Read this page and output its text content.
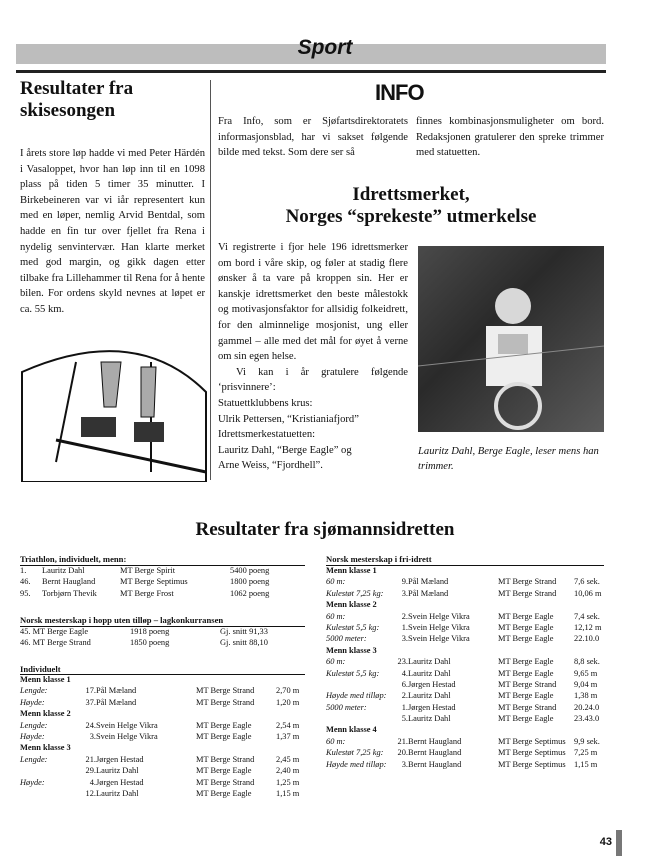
Sport
Resultater fra
skisesongen
I årets store løp hadde vi med Peter Härdén i Vasaloppet, hvor han løp inn til en 1098 plass på tiden 5 timer 35 minutter. I Birkebeineren var vi iår representert kun med en løper, nemlig Arvid Bentdal, som hadde en fin tur over fjellet fra Rena i nydelig senvintervær. Han klarte merket med god margin, og gikk dagen etter tilbake fra Lillehammer til Rena for å hente bilen. For ordens skyld nevnes at løpet er ca. 55 km.
INFO
Fra Info, som er Sjøfartsdirektoratets informasjonsblad, har vi sakset følgende bilde med tekst. Som dere ser så
finnes kombinasjonsmuligheter om bord. Redaksjonen gratulerer den spreke trimmer med statuetten.
Idrettsmerket,
Norges “sprekeste” utmerkelse
Vi registrerte i fjor hele 196 idrettsmerker om bord i våre skip, og føler at stadig flere ønsker å ta vare på kroppen sin. Her er kanskje idrettsmerket den beste målestokk og motivasjonsfaktor for allsidig folkeidrett, for den alminnelige mosjonist, ung eller gammel – alle med det mål for øyet å verne om sin egen helse.
Vi kan i år gratulere følgende ‘prisvinnere’:
Statuettklubbens krus:
Ulrik Pettersen, “Kristianiafjord”
Idrettsmerkestatuetten:
Lauritz Dahl, “Berge Eagle” og
Arne Weiss, “Fjordhell”.
Lauritz Dahl, Berge Eagle, leser mens han trimmer.
Resultater fra sjømannsidretten
Triathlon, individuelt, menn:
1.	Lauritz Dahl	MT Berge Spirit	5400 poeng
46.	Bernt Haugland	MT Berge Septimus	1800 poeng
95.	Torbjørn Thevik	MT Berge Frost	1062 poeng
Norsk mesterskap i hopp uten tilløp – lagkonkurransen
45. MT Berge Eagle	1918 poeng	Gj. snitt 91,33
46. MT Berge Strand	1850 poeng	Gj. snitt 88,10
Individuelt
Menn klasse 1				
Lengde:	17.	Pål Mæland	MT Berge Strand	2,70 m
Høyde:	37.	Pål Mæland	MT Berge Strand	1,20 m
Menn klasse 2				
Lengde:	24.	Svein Helge Vikra	MT Berge Eagle	2,54 m
Høyde:	3.	Svein Helge Vikra	MT Berge Eagle	1,37 m
Menn klasse 3				
Lengde:	21.	Jørgen Hestad	MT Berge Strand	2,45 m
	29.	Lauritz Dahl	MT Berge Eagle	2,40 m
Høyde:	4.	Jørgen Hestad	MT Berge Strand	1,25 m
	12.	Lauritz Dahl	MT Berge Eagle	1,15 m
Norsk mesterskap i fri-idrett
Menn klasse 1				
60 m:	9.	Pål Mæland	MT Berge Strand	7,6 sek.
Kulestøt 7,25 kg:	3.	Pål Mæland	MT Berge Strand	10,06 m
Menn klasse 2				
60 m:	2.	Svein Helge Vikra	MT Berge Eagle	7,4 sek.
Kulestøt 5,5 kg:	1.	Svein Helge Vikra	MT Berge Eagle	12,12 m
5000 meter:	3.	Svein Helge Vikra	MT Berge Eagle	22.10.0
Menn klasse 3				
60 m:	23.	Lauritz Dahl	MT Berge Eagle	8,8 sek.
Kulestøt 5,5 kg:	4.	Lauritz Dahl	MT Berge Eagle	9,65 m
	6.	Jørgen Hestad	MT Berge Strand	9,04 m
Høyde med tilløp:	2.	Lauritz Dahl	MT Berge Eagle	1,38 m
5000 meter:	1.	Jørgen Hestad	MT Berge Strand	20.24.0
	5.	Lauritz Dahl	MT Berge Eagle	23.43.0
Menn klasse 4				
60 m:	21.	Bernt Haugland	MT Berge Septimus	9,9 sek.
Kulestøt 7,25 kg:	20.	Bernt Haugland	MT Berge Septimus	7,25 m
Høyde med tilløp:	3.	Bernt Haugland	MT Berge Septimus	1,15 m
43
